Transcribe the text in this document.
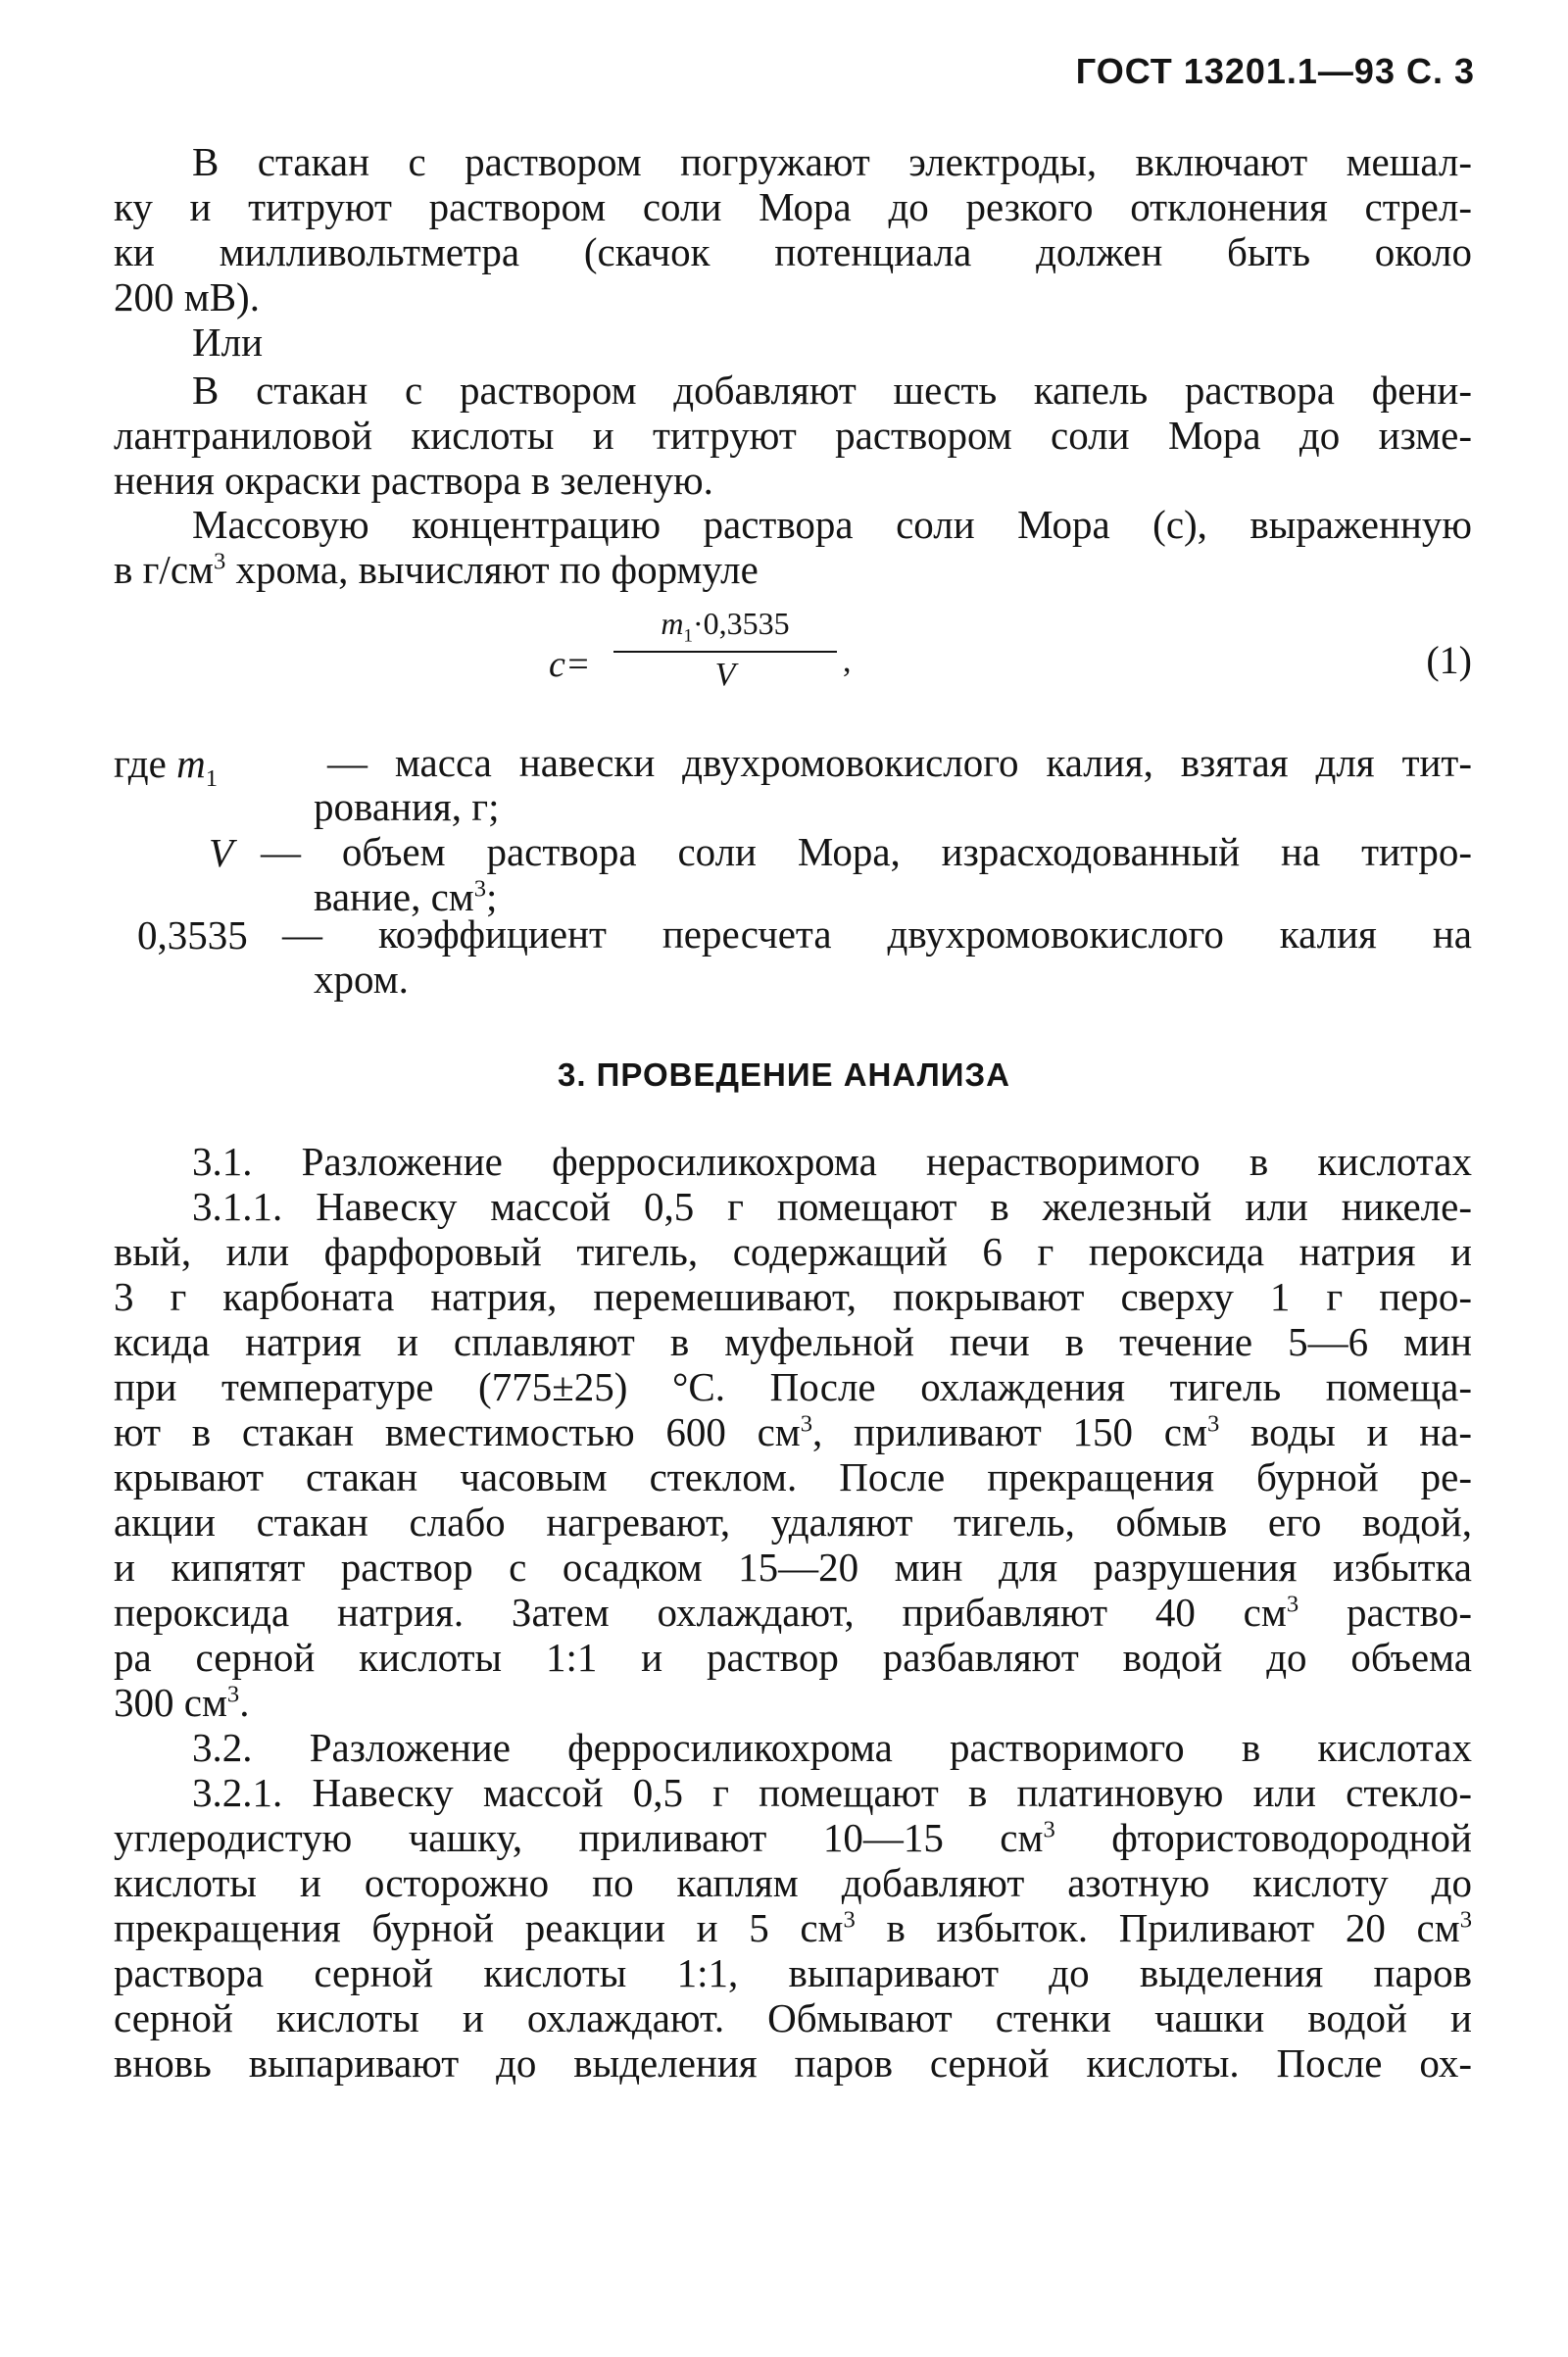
ГОСТ 13201.1—93 С. 3
В стакан с раствором погружают электроды, включают мешал-
ку и титруют раствором соли Мора до резкого отклонения стрел-
ки милливольтметра (скачок потенциала должен быть около
200 мВ).
Или
В стакан с раствором добавляют шесть капель раствора фени-
лантраниловой кислоты и титруют раствором соли Мора до изме-
нения окраски раствора в зеленую.
Массовую концентрацию раствора соли Мора (c), выраженную
в $г/см^3$ хрома, вычисляют по формуле
c=
$m_1\cdot 0,3535$
V	,	(1)
где $m_1$	— масса навески двухромовокислого калия, взятая для тит-
рования, г;
V — объем раствора соли Мора, израсходованный на титро-
вание, $см^3$;
0,3535 — коэффициент пересчета двухромовокислого калия на
хром.
3. ПРОВЕДЕНИЕ АНАЛИЗА
3.1. Разложение ферросиликохрома нерастворимого в кислотах
3.1.1. Навеску массой 0,5 г помещают в железный или никеле-
вый, или фарфоровый тигель, содержащий 6 г пероксида натрия и
3 г карбоната натрия, перемешивают, покрывают сверху 1 г перо-
ксида натрия и сплавляют в муфельной печи в течение 5—6 мин
при температуре (775±25) °С. После охлаждения тигель помеща-
ют в стакан вместимостью 600 $см^3$, приливают 150 $см^3$ воды и на-
крывают стакан часовым стеклом. После прекращения бурной ре-
акции стакан слабо нагревают, удаляют тигель, обмыв его водой,
и кипятят раствор с осадком 15—20 мин для разрушения избытка
пероксида натрия. Затем охлаждают, прибавляют 40 $см^3$ раство-
ра серной кислоты 1:1 и раствор разбавляют водой до объема
300 $см^3$.
3.2. Разложение ферросиликохрома растворимого в кислотах
3.2.1. Навеску массой 0,5 г помещают в платиновую или стекло-
углеродистую чашку, приливают 10—15 $см^3$ фтористоводородной
кислоты и осторожно по каплям добавляют азотную кислоту до
прекращения бурной реакции и 5 $см^3$ в избыток. Приливают 20 $см^3$
раствора серной кислоты 1:1, выпаривают до выделения паров
серной кислоты и охлаждают. Обмывают стенки чашки водой и
вновь выпаривают до выделения паров серной кислоты. После ох-
